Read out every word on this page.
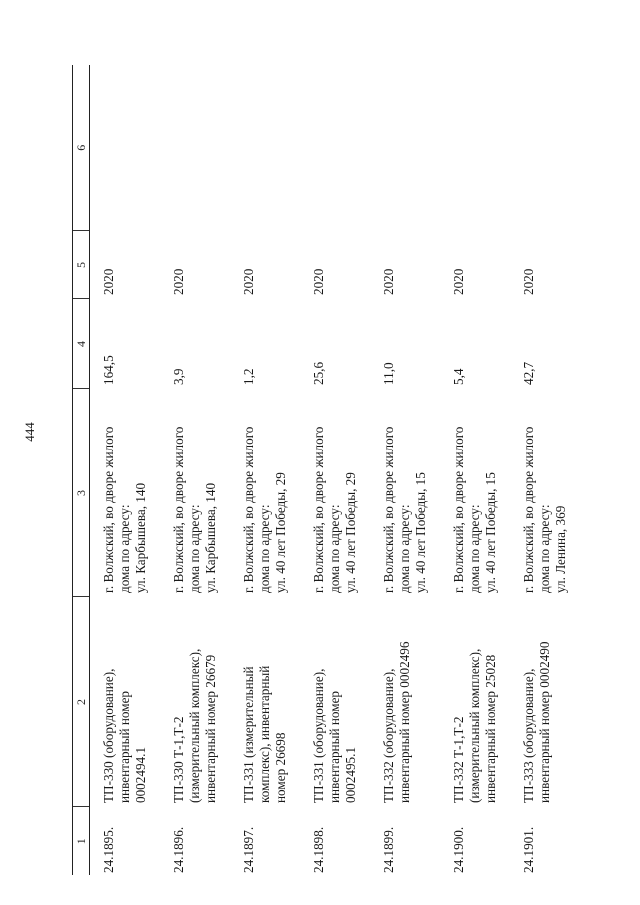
444
1	2	3	4	5	6
24.1895.	ТП-330 (оборудование), инвентарный номер 0002494.1	г. Волжский, во дворе жилого дома по адресу: ул. Карбышева, 140	164,5	2020	
24.1896.	ТП-330 Т-1,Т-2 (измерительный комплекс), инвентарный номер 26679	г. Волжский, во дворе жилого дома по адресу: ул. Карбышева, 140	3,9	2020	
24.1897.	ТП-331 (измерительный комплекс), инвентарный номер 26698	г. Волжский, во дворе жилого дома по адресу: ул. 40 лет Победы, 29	1,2	2020	
24.1898.	ТП-331 (оборудование), инвентарный номер 0002495.1	г. Волжский, во дворе жилого дома по адресу: ул. 40 лет Победы, 29	25,6	2020	
24.1899.	ТП-332 (оборудование), инвентарный номер 0002496	г. Волжский, во дворе жилого дома по адресу: ул. 40 лет Победы, 15	11,0	2020	
24.1900.	ТП-332 Т-1,Т-2 (измерительный комплекс), инвентарный номер 25028	г. Волжский, во дворе жилого дома по адресу: ул. 40 лет Победы, 15	5,4	2020	
24.1901.	ТП-333 (оборудование), инвентарный номер 0002490	г. Волжский, во дворе жилого дома по адресу: ул. Ленина, 369	42,7	2020	
